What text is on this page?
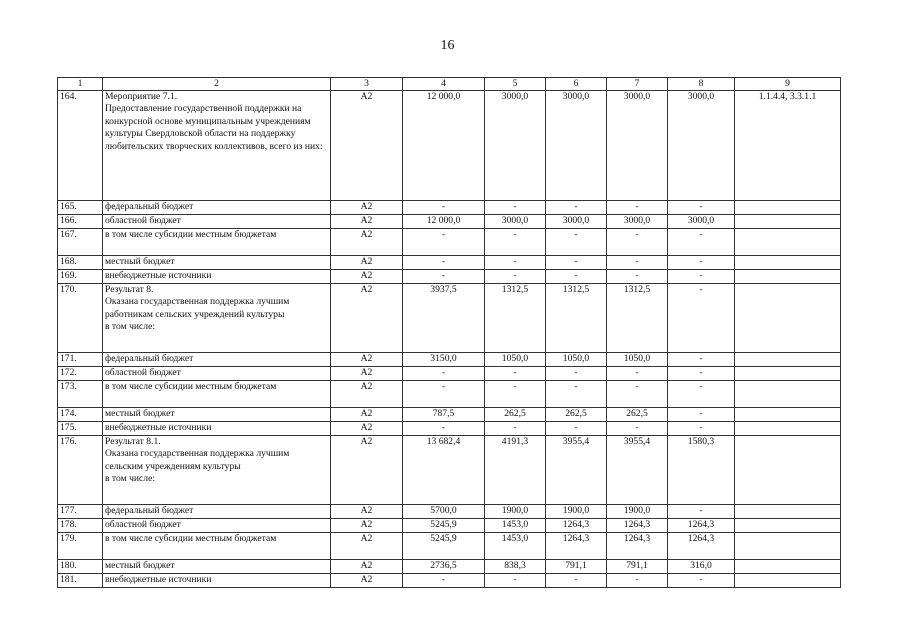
16
1	2	3	4	5	6	7	8	9
164.	Мероприятие 7.1.
Предоставление государственной поддержки на конкурсной основе муниципальным учреждениям культуры Свердловской области на поддержку любительских творческих коллективов, всего из них:	А2	12 000,0	3000,0	3000,0	3000,0	3000,0	1.1.4.4, 3.3.1.1
165.	федеральный бюджет	А2	-	-	-	-	-	
166.	областной бюджет	А2	12 000,0	3000,0	3000,0	3000,0	3000,0	
167.	в том числе субсидии местным бюджетам	А2	-	-	-	-	-	
168.	местный бюджет	А2	-	-	-	-	-	
169.	внебюджетные источники	А2	-	-	-	-	-	
170.	Результат 8.
Оказана государственная поддержка лучшим работникам сельских учреждений культуры
в том числе:	А2	3937,5	1312,5	1312,5	1312,5	-	
171.	федеральный бюджет	А2	3150,0	1050,0	1050,0	1050,0	-	
172.	областной бюджет	А2	-	-	-	-	-	
173.	в том числе субсидии местным бюджетам	А2	-	-	-	-	-	
174.	местный бюджет	А2	787,5	262,5	262,5	262,5	-	
175.	внебюджетные источники	А2	-	-	-	-	-	
176.	Результат 8.1.
Оказана государственная поддержка лучшим сельским учреждениям культуры
в том числе:	А2	13 682,4	4191,3	3955,4	3955,4	1580,3	
177.	федеральный бюджет	А2	5700,0	1900,0	1900,0	1900,0	-	
178.	областной бюджет	А2	5245,9	1453,0	1264,3	1264,3	1264,3	
179.	в том числе субсидии местным бюджетам	А2	5245,9	1453,0	1264,3	1264,3	1264,3	
180.	местный бюджет	А2	2736,5	838,3	791,1	791,1	316,0	
181.	внебюджетные источники	А2	-	-	-	-	-	
